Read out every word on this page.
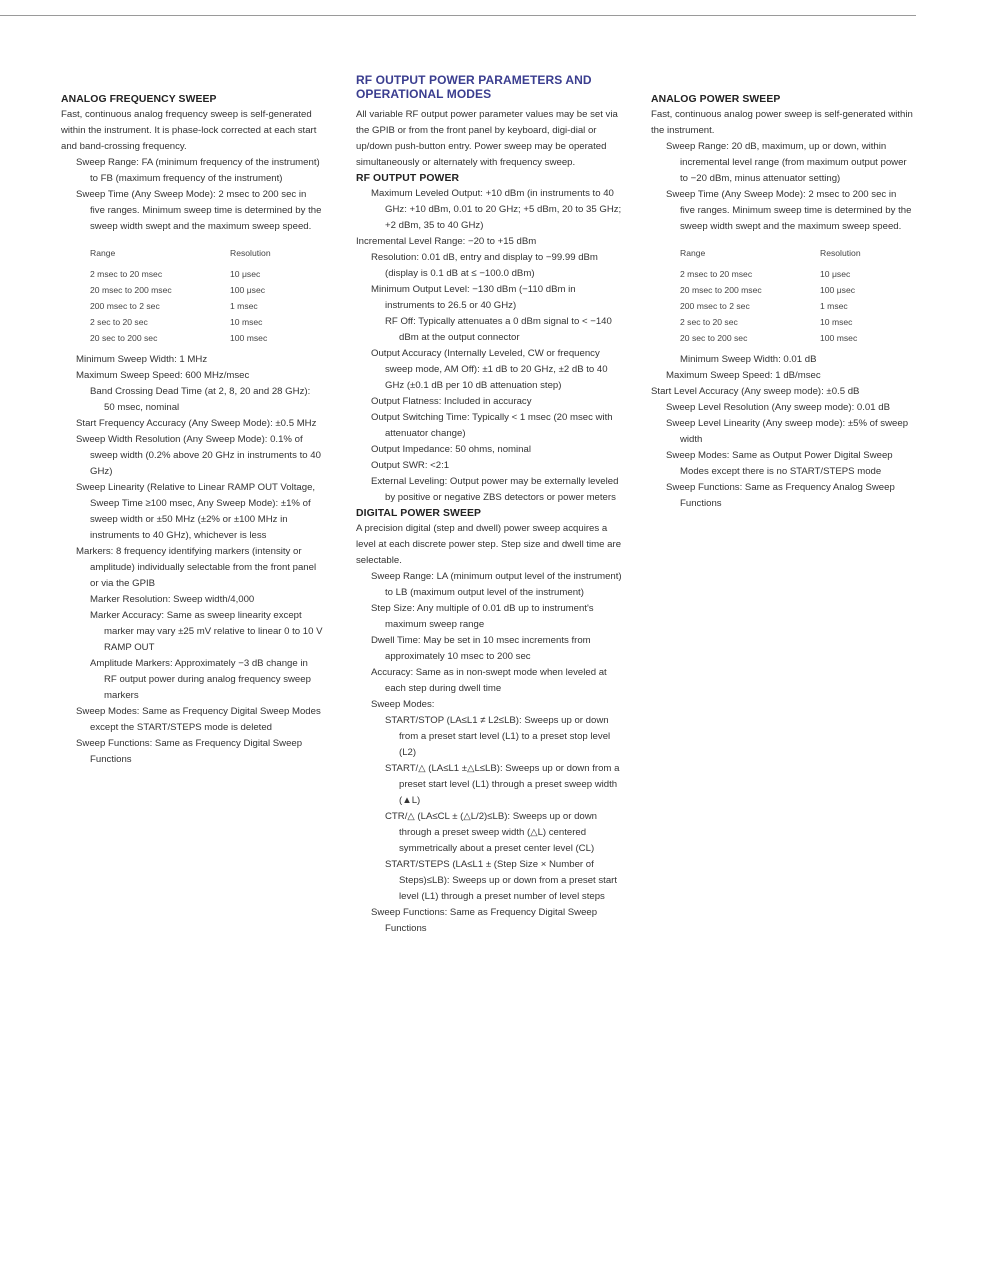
ANALOG FREQUENCY SWEEP

Fast, continuous analog frequency sweep is self-generated within the instrument. It is phase-lock corrected at each start and band-crossing frequency.

Sweep Range: FA (minimum frequency of the instrument) to FB (maximum frequency of the instrument)

Sweep Time (Any Sweep Mode): 2 msec to 200 sec in five ranges. Minimum sweep time is determined by the sweep width swept and the maximum sweep speed.

Range	Resolution
2 msec to 20 msec	10 μsec
20 msec to 200 msec	100 μsec
200 msec to 2 sec	1 msec
2 sec to 20 sec	10 msec
20 sec to 200 sec	100 msec

Minimum Sweep Width: 1 MHz

Maximum Sweep Speed: 600 MHz/msec

Band Crossing Dead Time (at 2, 8, 20 and 28 GHz): 50 msec, nominal

Start Frequency Accuracy (Any Sweep Mode): ±0.5 MHz

Sweep Width Resolution (Any Sweep Mode): 0.1% of sweep width (0.2% above 20 GHz in instruments to 40 GHz)

Sweep Linearity (Relative to Linear RAMP OUT Voltage, Sweep Time ≥100 msec, Any Sweep Mode): ±1% of sweep width or ±50 MHz (±2% or ±100 MHz in instruments to 40 GHz), whichever is less

Markers: 8 frequency identifying markers (intensity or amplitude) individually selectable from the front panel or via the GPIB

Marker Resolution: Sweep width/4,000

Marker Accuracy: Same as sweep linearity except marker may vary ±25 mV relative to linear 0 to 10 V RAMP OUT

Amplitude Markers: Approximately −3 dB change in RF output power during analog frequency sweep markers

Sweep Modes: Same as Frequency Digital Sweep Modes except the START/STEPS mode is deleted

Sweep Functions: Same as Frequency Digital Sweep Functions

RF OUTPUT POWER PARAMETERS AND OPERATIONAL MODES

All variable RF output power parameter values may be set via the GPIB or from the front panel by keyboard, digi-dial or up/down push-button entry. Power sweep may be operated simultaneously or alternately with frequency sweep.

RF OUTPUT POWER

Maximum Leveled Output: +10 dBm (in instruments to 40 GHz: +10 dBm, 0.01 to 20 GHz; +5 dBm, 20 to 35 GHz; +2 dBm, 35 to 40 GHz)

Incremental Level Range: −20 to +15 dBm

Resolution: 0.01 dB, entry and display to −99.99 dBm (display is 0.1 dB at ≤ −100.0 dBm)

Minimum Output Level: −130 dBm (−110 dBm in instruments to 26.5 or 40 GHz)

RF Off: Typically attenuates a 0 dBm signal to < −140 dBm at the output connector

Output Accuracy (Internally Leveled, CW or frequency sweep mode, AM Off): ±1 dB to 20 GHz, ±2 dB to 40 GHz (±0.1 dB per 10 dB attenuation step)

Output Flatness: Included in accuracy

Output Switching Time: Typically < 1 msec (20 msec with attenuator change)

Output Impedance: 50 ohms, nominal

Output SWR: <2:1

External Leveling: Output power may be externally leveled by positive or negative ZBS detectors or power meters

DIGITAL POWER SWEEP

A precision digital (step and dwell) power sweep acquires a level at each discrete power step. Step size and dwell time are selectable.

Sweep Range: LA (minimum output level of the instrument) to LB (maximum output level of the instrument)

Step Size: Any multiple of 0.01 dB up to instrument's maximum sweep range

Dwell Time: May be set in 10 msec increments from approximately 10 msec to 200 sec

Accuracy: Same as in non-swept mode when leveled at each step during dwell time

Sweep Modes:

START/STOP (LA≤L1 ≠ L2≤LB): Sweeps up or down from a preset start level (L1) to a preset stop level (L2)

START/△ (LA≤L1 ±△L≤LB): Sweeps up or down from a preset start level (L1) through a preset sweep width (▲L)

CTR/△ (LA≤CL ± (△L/2)≤LB): Sweeps up or down through a preset sweep width (△L) centered symmetrically about a preset center level (CL)

START/STEPS (LA≤L1 ± (Step Size × Number of Steps)≤LB): Sweeps up or down from a preset start level (L1) through a preset number of level steps

Sweep Functions: Same as Frequency Digital Sweep Functions

ANALOG POWER SWEEP

Fast, continuous analog power sweep is self-generated within the instrument.

Sweep Range: 20 dB, maximum, up or down, within incremental level range (from maximum output power to −20 dBm, minus attenuator setting)

Sweep Time (Any Sweep Mode): 2 msec to 200 sec in five ranges. Minimum sweep time is determined by the sweep width swept and the maximum sweep speed.

Range	Resolution
2 msec to 20 msec	10 μsec
20 msec to 200 msec	100 μsec
200 msec to 2 sec	1 msec
2 sec to 20 sec	10 msec
20 sec to 200 sec	100 msec

Minimum Sweep Width: 0.01 dB

Maximum Sweep Speed: 1 dB/msec

Start Level Accuracy (Any sweep mode): ±0.5 dB

Sweep Level Resolution (Any sweep mode): 0.01 dB

Sweep Level Linearity (Any sweep mode): ±5% of sweep width

Sweep Modes: Same as Output Power Digital Sweep Modes except there is no START/STEPS mode

Sweep Functions: Same as Frequency Analog Sweep Functions
